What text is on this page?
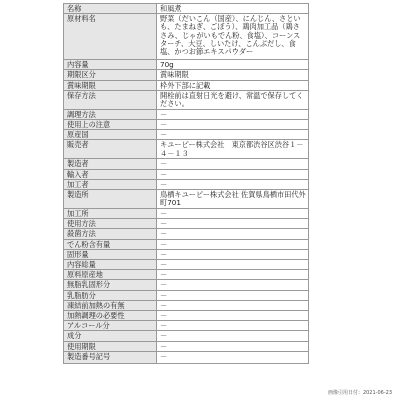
名称	和風煮
原材料名	野菜（だいこん（国産）、にんじん、さといも、たまねぎ、ごぼう）、鶏肉加工品（鶏ささみ、じゃがいもでん粉、食塩）、コーンスターチ、大豆、しいたけ、こんぶだし、食塩、かつお節エキスパウダー
内容量	70g
期限区分	賞味期限
賞味期限	枠外下部に記載
保存方法	開栓前は直射日光を避け、常温で保存してください。
調理方法	－
使用上の注意	－
原産国	－
販売者	キユーピー株式会社　東京都渋谷区渋谷１－４－１３
製造者	－
輸入者	－
加工者	－
製造所	鳥栖キユーピー株式会社 佐賀県鳥栖市田代外町701
加工所	－
使用方法	－
殺菌方法	－
でん粉含有量	－
固形量	－
内容総量	－
原料原産地	－
無脂乳固形分	－
乳脂肪分	－
凍結前加熱の有無	－
加熱調理の必要性	－
アルコール分	－
成分	－
使用期限	－
製造番号記号	－
画像引用日付：2021-06-23
